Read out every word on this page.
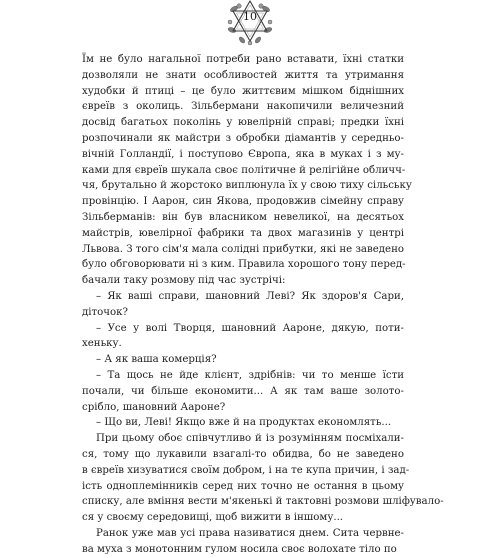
10
Їм не було нагальної потреби рано вставати, їхні статки
дозволяли не знати особливостей життя та утримання
худобки й птиці – це було життєвим мішком біднішних
євреїв з околиць. Зільбермани накопичили величезний
досвід багатьох поколінь у ювелірній справі; предки їхні
розпочинали як майстри з обробки діамантів у середньо-
вічній Голландії, і поступово Європа, яка в муках і з му-
ками для євреїв шукала своє політичне й релігійне обличч-
чя, брутально й жорстоко виплюнула їх у свою тиху сільську
провінцію. І Аарон, син Якова, продовжив сімейну справу
Зільберманів: він був власником невеликої, на десятьох
майстрів, ювелірної фабрики та двох магазинів у центрі
Львова. З того сім'я мала солідні прибутки, які не заведено
було обговорювати ні з ким. Правила хорошого тону перед-
бачали таку розмову під час зустрічі:
– Як ваші справи, шановний Леві? Як здоров'я Сари,
діточок?
– Усе у волі Творця, шановний Аароне, дякую, поти-
хеньку.
– А як ваша комерція?
– Та щось не йде клієнт, здрібнів: чи то менше їсти
почали, чи більше економити... А як там ваше золото-
срібло, шановний Аароне?
– Що ви, Леві! Якщо вже й на продуктах економлять...
При цьому обоє співчутливо й із розумінням посміхали-
ся, тому що лукавили взагалі-то обидва, бо не заведено
в євреїв хизуватися своїм добром, і на те купа причин, і зад-
ість одноплемінників серед них точно не остання в цьому
списку, але вміння вести м'якенькі й тактовні розмови шліфувало-
ся у своєму середовищі, щоб вижити в іншому...
Ранок уже мав усі права називатися днем. Сита червне-
ва муха з монотонним гулом носила своє волохате тіло по
